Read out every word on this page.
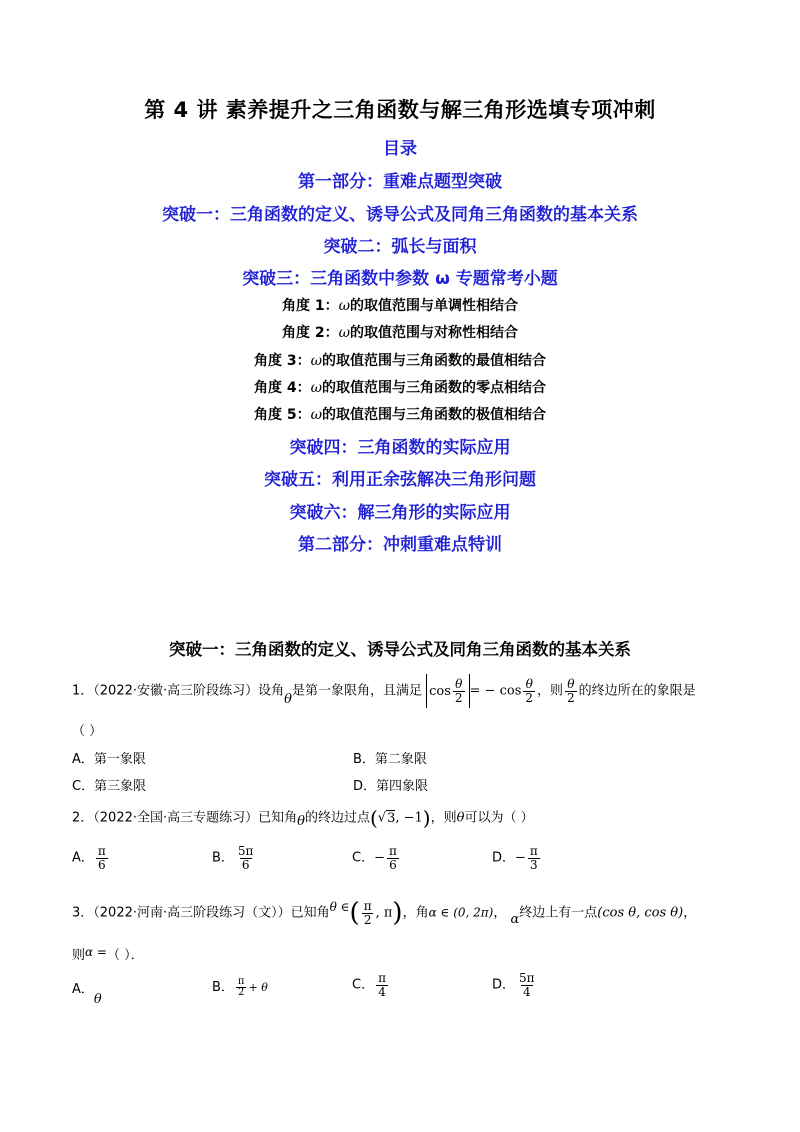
第 4 讲 素养提升之三角函数与解三角形选填专项冲刺
目录
第一部分：重难点题型突破
突破一：三角函数的定义、诱导公式及同角三角函数的基本关系
突破二：弧长与面积
突破三：三角函数中参数 ω 专题常考小题
角度 1：ω的取值范围与单调性相结合
角度 2：ω的取值范围与对称性相结合
角度 3：ω的取值范围与三角函数的最值相结合
角度 4：ω的取值范围与三角函数的零点相结合
角度 5：ω的取值范围与三角函数的极值相结合
突破四：三角函数的实际应用
突破五：利用正余弦解决三角形问题
突破六：解三角形的实际应用
第二部分：冲刺重难点特训
突破一：三角函数的定义、诱导公式及同角三角函数的基本关系
1．（2022·安徽·高三阶段练习）设角θ是第一象限角，且满足 $\cos \frac{\theta}{2}$ = − $\cos \frac{\theta}{2}$ ，则 $\frac{\theta}{2}$ 的终边所在的象限是
（ ）
A．第一象限	B．第二象限
C．第三象限	D．第四象限
2．（2022·全国·高三专题练习）已知角θ的终边过点(√3, −1)，则θ可以为（ ）
A． $\frac{\pi}{6}$	B． $\frac{5\pi}{6}$	C．− $\frac{\pi}{6}$	D．− $\frac{\pi}{3}$
3．（2022·河南·高三阶段练习（文））已知角θ ∈( $\frac{\pi}{2}$ , π)，角α ∈ (0, 2π)， α终边上有一点(cos θ, cos θ)，
则α =（ ）．
A．θ
B． $\frac{\pi}{2} + \theta$	C． $\frac{\pi}{4}$	D． $\frac{5\pi}{4}$
